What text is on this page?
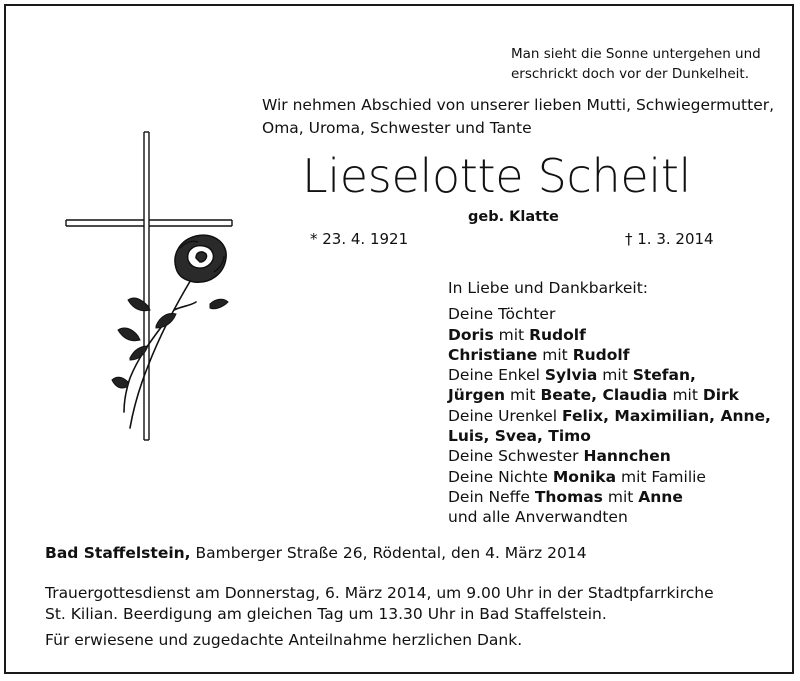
Man sieht die Sonne untergehen und
erschrickt doch vor der Dunkelheit.
Wir nehmen Abschied von unserer lieben Mutti, Schwiegermutter,
Oma, Uroma, Schwester und Tante
Lieselotte Scheitl
geb. Klatte
* 23. 4. 1921	† 1. 3. 2014
In Liebe und Dankbarkeit:
Deine Töchter
Doris mit Rudolf
Christiane mit Rudolf
Deine Enkel Sylvia mit Stefan,
Jürgen mit Beate, Claudia mit Dirk
Deine Urenkel Felix, Maximilian, Anne,
Luis, Svea, Timo
Deine Schwester Hannchen
Deine Nichte Monika mit Familie
Dein Neffe Thomas mit Anne
und alle Anverwandten
Bad Staffelstein, Bamberger Straße 26, Rödental, den 4. März 2014
Trauergottesdienst am Donnerstag, 6. März 2014, um 9.00 Uhr in der Stadtpfarrkirche
St. Kilian. Beerdigung am gleichen Tag um 13.30 Uhr in Bad Staffelstein.
Für erwiesene und zugedachte Anteilnahme herzlichen Dank.
